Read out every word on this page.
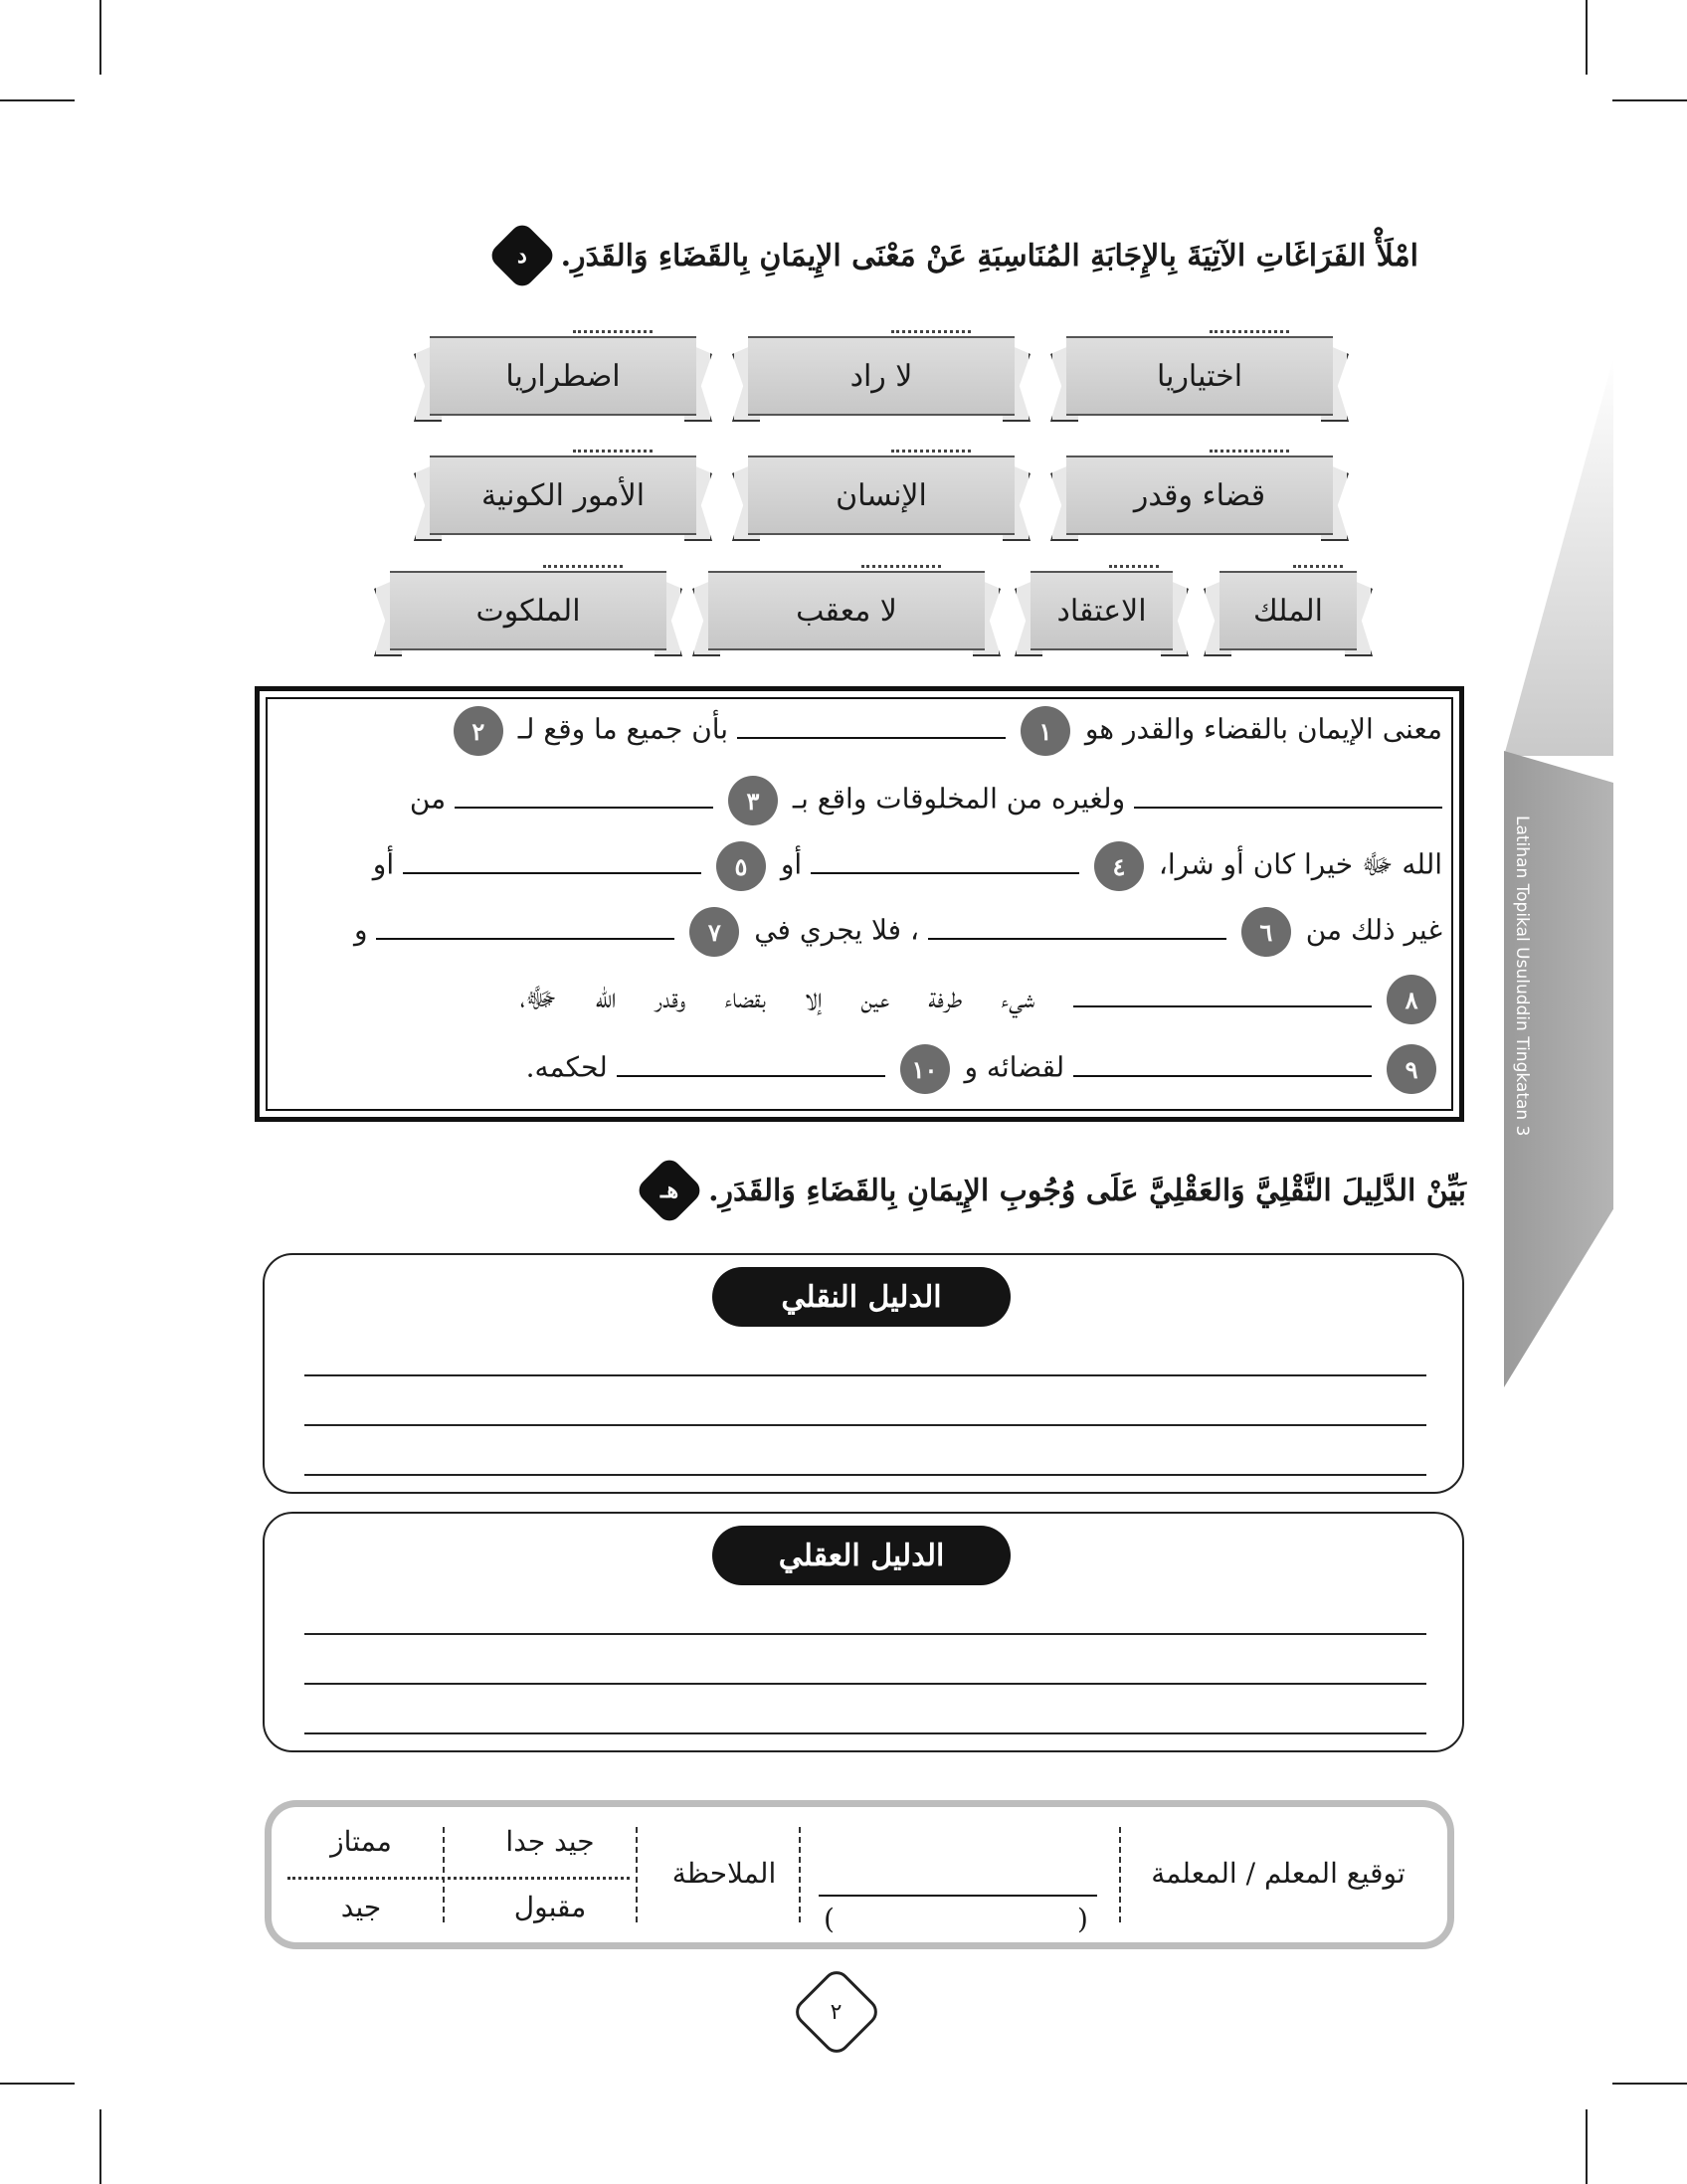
Latihan Topikal Usuluddin Tingkatan 3
د امْلَأْ الفَرَاغَاتِ الآتِيَةَ بِالإِجَابَةِ المُنَاسِبَةِ عَنْ مَعْنَى الإِيمَانِ بِالقَضَاءِ وَالقَدَرِ.
اختياريا
لا راد
اضطراريا
قضاء وقدر
الإنسان
الأمور الكونية
الملك
الاعتقاد
لا معقب
الملكوت
معنى الإيمان بالقضاء والقدر هو ١  بأن جميع ما وقع لـ ٢
ولغيره من المخلوقات واقع بـ ٣  من
الله ﷻ خيرا كان أو شرا، ٤  أو ٥  أو
غير ذلك من ٦  ، فلا يجري في ٧  و
٨  شيء طرفة عين إلا بقضاء وقدر الله ﷻ،
٩  لقضائه و ١٠  لحكمه.
هـ بَيِّنْ الدَّلِيلَ النَّقْلِيَّ وَالعَقْلِيَّ عَلَى وُجُوبِ الإِيمَانِ بِالقَضَاءِ وَالقَدَرِ.
الدليل النقلي
الدليل العقلي
توقيع المعلم / المعلمة
(
)
الملاحظة
جيد جدا
مقبول
ممتاز
جيد
٢
